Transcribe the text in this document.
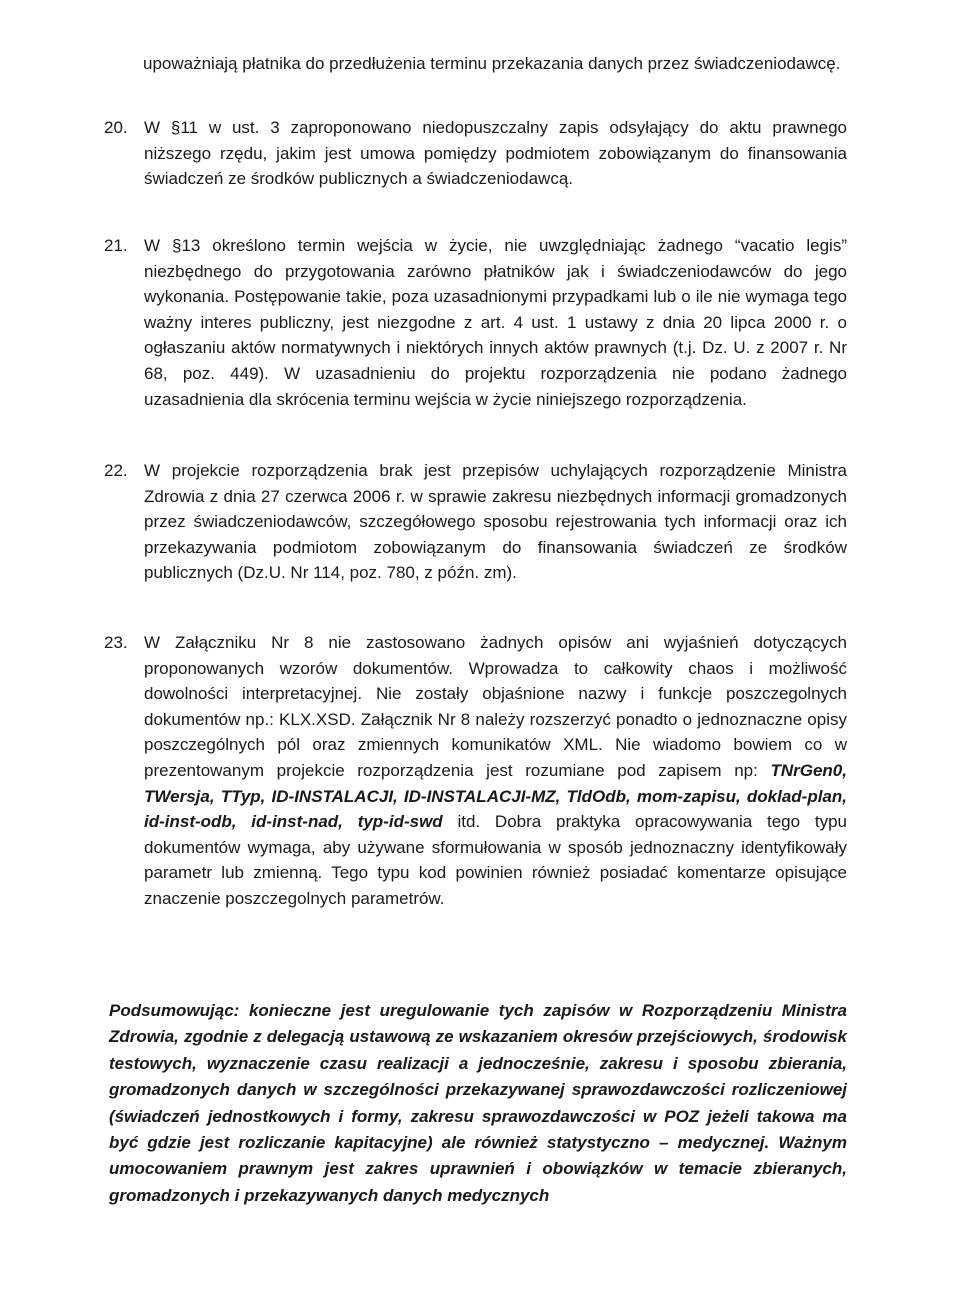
upoważniają płatnika do przedłużenia terminu przekazania danych przez świadczeniodawcę.

20. W §11 w ust. 3 zaproponowano niedopuszczalny zapis odsyłający do aktu prawnego niższego rzędu, jakim jest umowa pomiędzy podmiotem zobowiązanym do finansowania świadczeń ze środków publicznych a świadczeniodawcą.
21. W §13 określono termin wejścia w życie, nie uwzględniając żadnego “vacatio legis” niezbędnego do przygotowania zarówno płatników jak i świadczeniodawców do jego wykonania. Postępowanie takie, poza uzasadnionymi przypadkami lub o ile nie wymaga tego ważny interes publiczny, jest niezgodne z art. 4 ust. 1 ustawy z dnia 20 lipca 2000 r. o ogłaszaniu aktów normatywnych i niektórych innych aktów prawnych (t.j. Dz. U. z 2007 r. Nr 68, poz. 449). W uzasadnieniu do projektu rozporządzenia nie podano żadnego uzasadnienia dla skrócenia terminu wejścia w życie niniejszego rozporządzenia.
22. W projekcie rozporządzenia brak jest przepisów uchylających rozporządzenie Ministra Zdrowia z dnia 27 czerwca 2006 r. w sprawie zakresu niezbędnych informacji gromadzonych przez świadczeniodawców, szczegółowego sposobu rejestrowania tych informacji oraz ich przekazywania podmiotom zobowiązanym do finansowania świadczeń ze środków publicznych (Dz.U. Nr 114, poz. 780, z późn. zm).
23. W Załączniku Nr 8 nie zastosowano żadnych opisów ani wyjaśnień dotyczących proponowanych wzorów dokumentów. Wprowadza to całkowity chaos i możliwość dowolności interpretacyjnej. Nie zostały objaśnione nazwy i funkcje poszczegolnych dokumentów np.: KLX.XSD. Załącznik Nr 8 należy rozszerzyć ponadto o jednoznaczne opisy poszczególnych pól oraz zmiennych komunikatów XML. Nie wiadomo bowiem co w prezentowanym projekcie rozporządzenia jest rozumiane pod zapisem np: TNrGen0, TWersja, TTyp, ID-INSTALACJI, ID-INSTALACJI-MZ, TldOdb, mom-zapisu, doklad-plan, id-inst-odb, id-inst-nad, typ-id-swd itd. Dobra praktyka opracowywania tego typu dokumentów wymaga, aby używane sformułowania w sposób jednoznaczny identyfikowały parametr lub zmienną. Tego typu kod powinien również posiadać komentarze opisujące znaczenie poszczegolnych parametrów.

Podsumowując: konieczne jest uregulowanie tych zapisów w Rozporządzeniu Ministra Zdrowia, zgodnie z delegacją ustawową ze wskazaniem okresów przejściowych, środowisk testowych, wyznaczenie czasu realizacji a jednocześnie, zakresu i sposobu zbierania, gromadzonych danych w szczególności przekazywanej sprawozdawczości rozliczeniowej (świadczeń jednostkowych i formy, zakresu sprawozdawczości w POZ jeżeli takowa ma być gdzie jest rozliczanie kapitacyjne) ale również statystyczno – medycznej. Ważnym umocowaniem prawnym jest zakres uprawnień i obowiązków w temacie zbieranych, gromadzonych i przekazywanych danych medycznych
